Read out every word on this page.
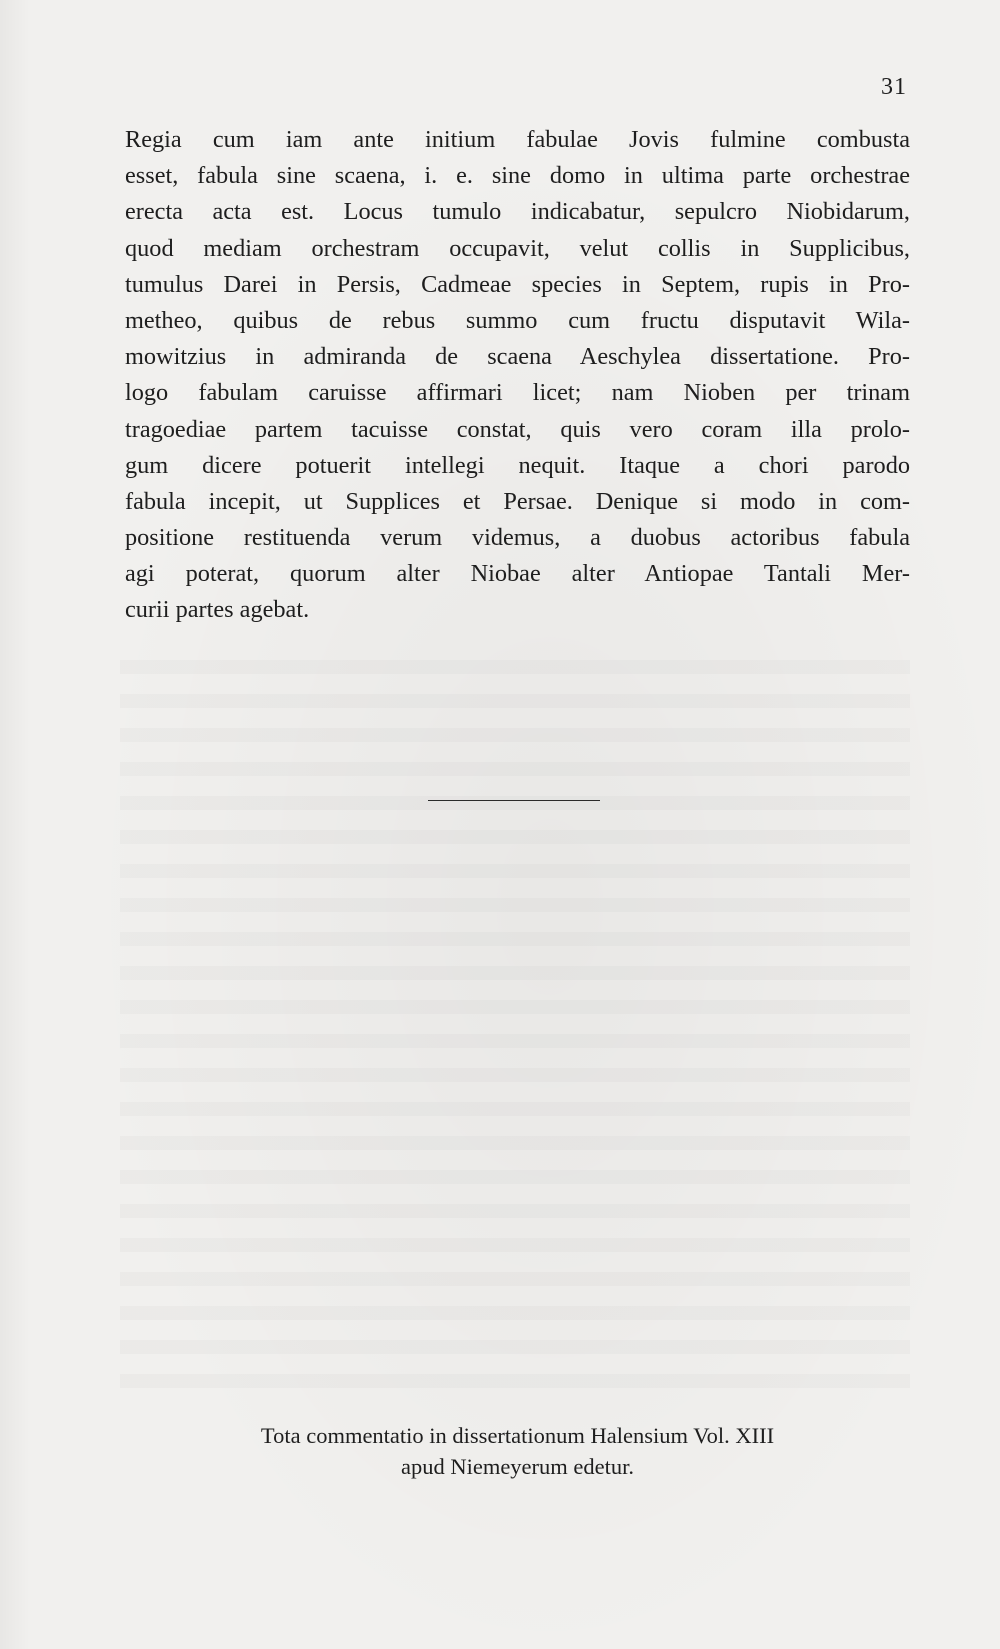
31

Regia cum iam ante initium fabulae Jovis fulmine combusta
esset, fabula sine scaena, i. e. sine domo in ultima parte orchestrae
erecta acta est. Locus tumulo indicabatur, sepulcro Niobidarum,
quod mediam orchestram occupavit, velut collis in Supplicibus,
tumulus Darei in Persis, Cadmeae species in Septem, rupis in Pro-
metheo, quibus de rebus summo cum fructu disputavit Wila-
mowitzius in admiranda de scaena Aeschylea dissertatione. Pro-
logo fabulam caruisse affirmari licet; nam Nioben per trinam
tragoediae partem tacuisse constat, quis vero coram illa prolo-
gum dicere potuerit intellegi nequit. Itaque a chori parodo
fabula incepit, ut Supplices et Persae. Denique si modo in com-
positione restituenda verum videmus, a duobus actoribus fabula
agi poterat, quorum alter Niobae alter Antiopae Tantali Mer-
curii partes agebat.

Tota commentatio in dissertationum Halensium Vol. XIII
apud Niemeyerum edetur.
